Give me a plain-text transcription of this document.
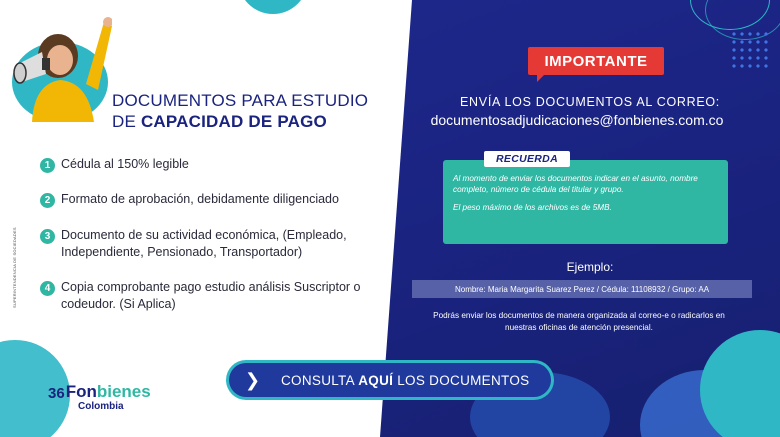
DOCUMENTOS PARA ESTUDIO
DE CAPACIDAD DE PAGO
SUPERINTENDENCIA DE SOCIEDADES
1 Cédula al 150% legible
2 Formato de aprobación, debidamente diligenciado
3 Documento de su actividad económica, (Empleado, Independiente, Pensionado, Transportador)
4 Copia comprobante pago estudio análisis Suscriptor o codeudor. (Si Aplica)
36 Fon bienes
Colombia
❯	CONSULTA AQUÍ LOS DOCUMENTOS
IMPORTANTE
ENVÍA LOS DOCUMENTOS AL CORREO:
documentosadjudicaciones@fonbienes.com.co

Al momento de enviar los documentos indicar en el asunto, nombre completo, número de cédula del titular y grupo.

El peso máximo de los archivos es de 5MB.

RECUERDA
Ejemplo:
Nombre: Maria Margarita Suarez Perez / Cédula: 11108932 / Grupo: AA
Podrás enviar los documentos de manera organizada al correo-e o radicarlos en nuestras oficinas de atención presencial.
